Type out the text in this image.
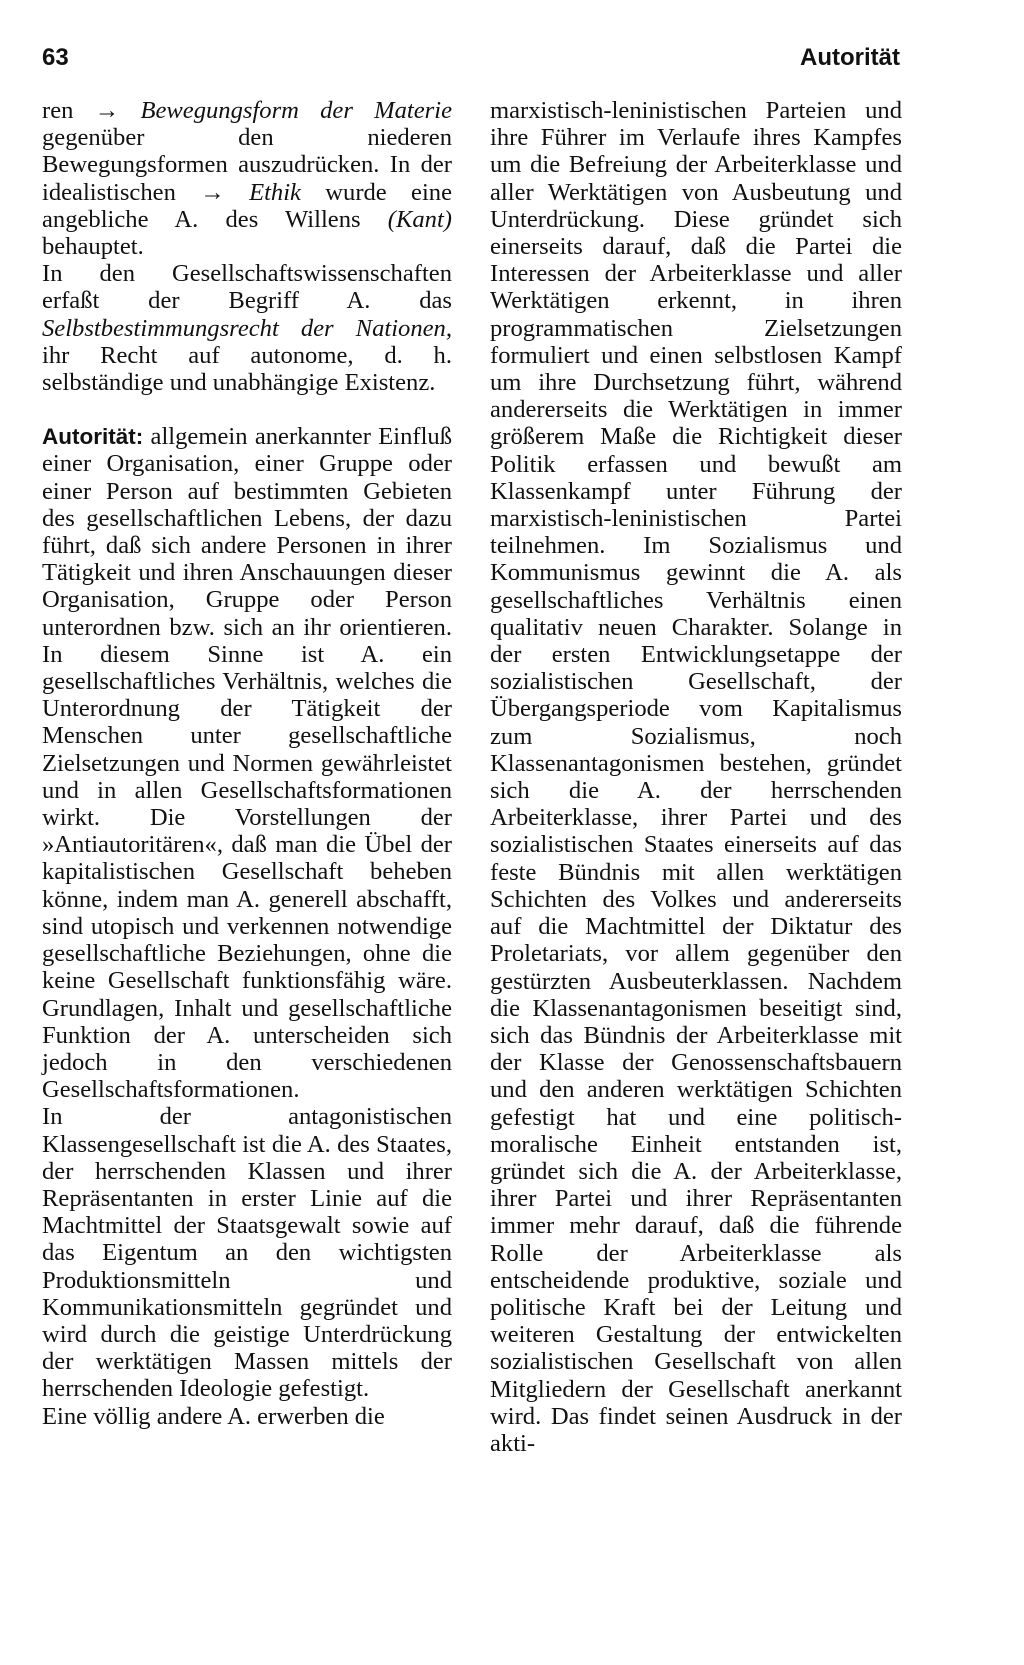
63	Autorität

ren → Bewegungsform der Materie gegenüber den niederen Bewegungsformen auszudrücken. In der idealistischen → Ethik wurde eine angebliche A. des Willens (Kant) behauptet.

In den Gesellschaftswissenschaften erfaßt der Begriff A. das Selbstbestimmungsrecht der Nationen, ihr Recht auf autonome, d. h. selbständige und unabhängige Existenz.

Autorität: allgemein anerkannter Einfluß einer Organisation, einer Gruppe oder einer Person auf bestimmten Gebieten des gesellschaftlichen Lebens, der dazu führt, daß sich andere Personen in ihrer Tätigkeit und ihren Anschauungen dieser Organisation, Gruppe oder Person unterordnen bzw. sich an ihr orientieren. In diesem Sinne ist A. ein gesellschaftliches Verhältnis, welches die Unterordnung der Tätigkeit der Menschen unter gesellschaftliche Zielsetzungen und Normen gewährleistet und in allen Gesellschaftsformationen wirkt. Die Vorstellungen der »Antiautoritären«, daß man die Übel der kapitalistischen Gesellschaft beheben könne, indem man A. generell abschafft, sind utopisch und verkennen notwendige gesellschaftliche Beziehungen, ohne die keine Gesellschaft funktionsfähig wäre. Grundlagen, Inhalt und gesellschaftliche Funktion der A. unterscheiden sich jedoch in den verschiedenen Gesellschaftsformationen.

In der antagonistischen Klassengesellschaft ist die A. des Staates, der herrschenden Klassen und ihrer Repräsentanten in erster Linie auf die Machtmittel der Staatsgewalt sowie auf das Eigentum an den wichtigsten Produktionsmitteln und Kommunikationsmitteln gegründet und wird durch die geistige Unterdrückung der werktätigen Massen mittels der herrschenden Ideologie gefestigt.

Eine völlig andere A. erwerben die

marxistisch-leninistischen Parteien und ihre Führer im Verlaufe ihres Kampfes um die Befreiung der Arbeiterklasse und aller Werktätigen von Ausbeutung und Unterdrückung. Diese gründet sich einerseits darauf, daß die Partei die Interessen der Arbeiterklasse und aller Werktätigen erkennt, in ihren programmatischen Zielsetzungen formuliert und einen selbstlosen Kampf um ihre Durchsetzung führt, während andererseits die Werktätigen in immer größerem Maße die Richtigkeit dieser Politik erfassen und bewußt am Klassenkampf unter Führung der marxistisch-leninistischen Partei teilnehmen. Im Sozialismus und Kommunismus gewinnt die A. als gesellschaftliches Verhältnis einen qualitativ neuen Charakter. Solange in der ersten Entwicklungsetappe der sozialistischen Gesellschaft, der Übergangsperiode vom Kapitalismus zum Sozialismus, noch Klassenantagonismen bestehen, gründet sich die A. der herrschenden Arbeiterklasse, ihrer Partei und des sozialistischen Staates einerseits auf das feste Bündnis mit allen werktätigen Schichten des Volkes und andererseits auf die Machtmittel der Diktatur des Proletariats, vor allem gegenüber den gestürzten Ausbeuterklassen. Nachdem die Klassenantagonismen beseitigt sind, sich das Bündnis der Arbeiterklasse mit der Klasse der Genossenschaftsbauern und den anderen werktätigen Schichten gefestigt hat und eine politisch-moralische Einheit entstanden ist, gründet sich die A. der Arbeiterklasse, ihrer Partei und ihrer Repräsentanten immer mehr darauf, daß die führende Rolle der Arbeiterklasse als entscheidende produktive, soziale und politische Kraft bei der Leitung und weiteren Gestaltung der entwickelten sozialistischen Gesellschaft von allen Mitgliedern der Gesellschaft anerkannt wird. Das findet seinen Ausdruck in der akti-
